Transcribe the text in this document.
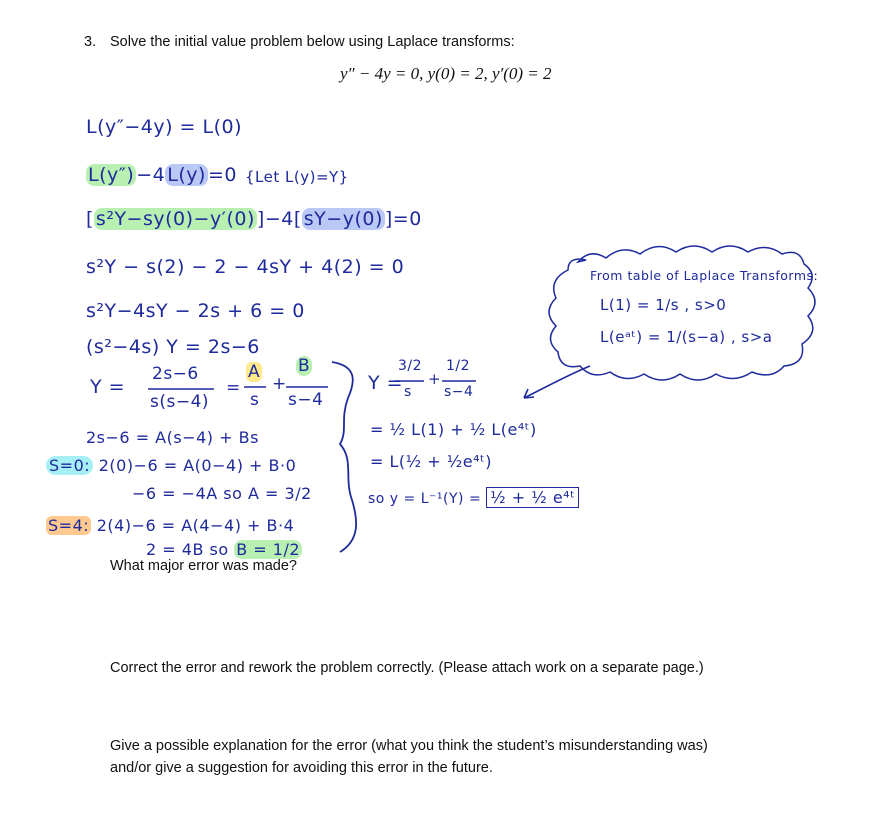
3. Solve the initial value problem below using Laplace transforms:
y″ − 4y = 0, y(0) = 2, y′(0) = 2
L(y″−4y) = L(0)
L(y″) −4 L(y) =0 {Let L(y)=Y}
[ s²Y−sy(0)−y′(0) ]−4[ sY−y(0) ]=0
s²Y − s(2) − 2 − 4sY + 4(2) = 0
s²Y−4sY − 2s + 6 = 0
(s²−4s) Y = 2s−6
Y =
2s−6
s(s−4)
=
A
s
+
B
s−4
2s−6 = A(s−4) + Bs
S=0: 2(0)−6 = A(0−4) + B·0
−6 = −4A so A = 3/2
S=4: 2(4)−6 = A(4−4) + B·4
2 = 4B so B = 1/2
What major error was made?
Y =
3/2
s
+
1/2
s−4
= ½ L(1) + ½ L(e⁴ᵗ)
= L(½ + ½e⁴ᵗ)
so y = L⁻¹(Y) = ½ + ½ e⁴ᵗ
From table of Laplace Transforms:
L(1) = 1/s , s>0
L(eᵃᵗ) = 1/(s−a) , s>a
Correct the error and rework the problem correctly. (Please attach work on a separate page.)
Give a possible explanation for the error (what you think the student’s misunderstanding was)
and/or give a suggestion for avoiding this error in the future.
